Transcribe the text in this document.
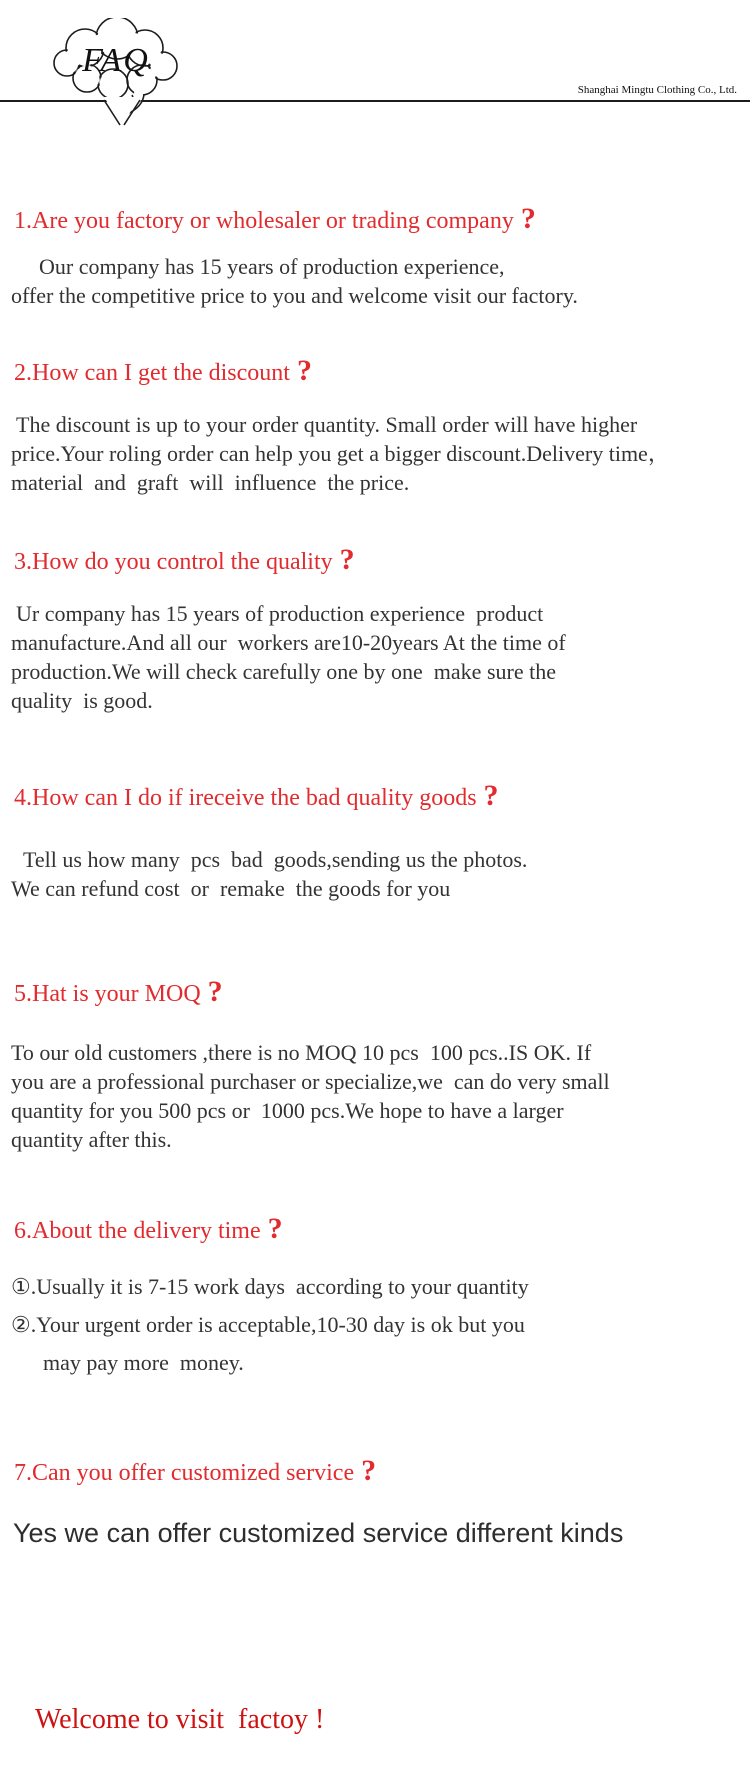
Shanghai Mingtu Clothing Co., Ltd.
FAQ
1.Are you factory or wholesaler or trading company ?
Our company has 15 years of production experience,
offer the competitive price to you and welcome visit our factory.
2.How can I get the discount ?
The discount is up to your order quantity. Small order will have higher
price.Your roling order can help you get a bigger discount.Delivery time，
material  and  graft  will  influence  the price.
3.How do you control the quality ?
Ur company has 15 years of production experience  product
manufacture.And all our  workers are10-20years At the time of
production.We will check carefully one by one  make sure the
quality  is good.
4.How can I do if ireceive the bad quality goods ?
Tell us how many  pcs  bad  goods,sending us the photos.
We can refund cost  or  remake  the goods for you
5.Hat is your MOQ ?
To our old customers ,there is no MOQ 10 pcs  100 pcs..IS OK. If
you are a professional purchaser or specialize,we  can do very small
quantity for you 500 pcs or  1000 pcs.We hope to have a larger
quantity after this.
6.About the delivery time ?
①.Usually it is 7-15 work days  according to your quantity
②.Your urgent order is acceptable,10-30 day is ok but you
may pay more  money.
7.Can you offer customized service ?
Yes we can offer customized service different kinds
Welcome to visit  factoy !
